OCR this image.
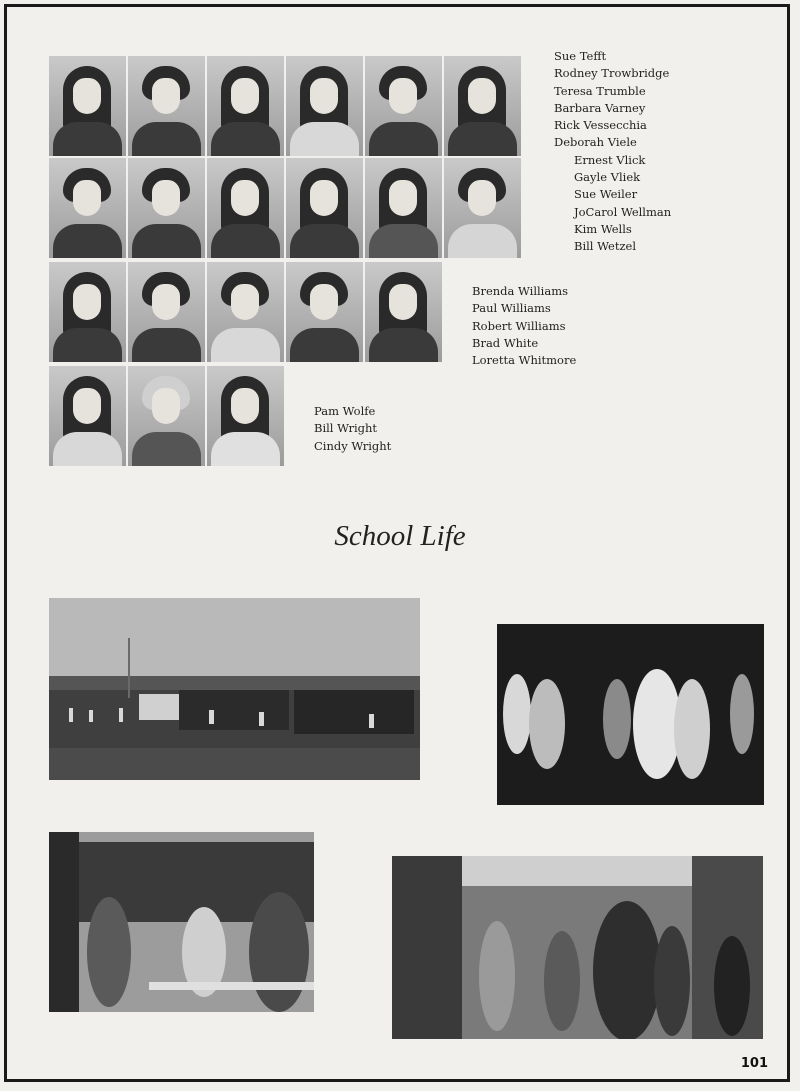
Sue Tefft
Rodney Trowbridge
Teresa Trumble
Barbara Varney
Rick Vessecchia
Deborah Viele
Ernest Vlick
Gayle Vliek
Sue Weiler
JoCarol Wellman
Kim Wells
Bill Wetzel
Brenda Williams
Paul Williams
Robert Williams
Brad White
Loretta Whitmore
Pam Wolfe
Bill Wright
Cindy Wright
School Life
101
